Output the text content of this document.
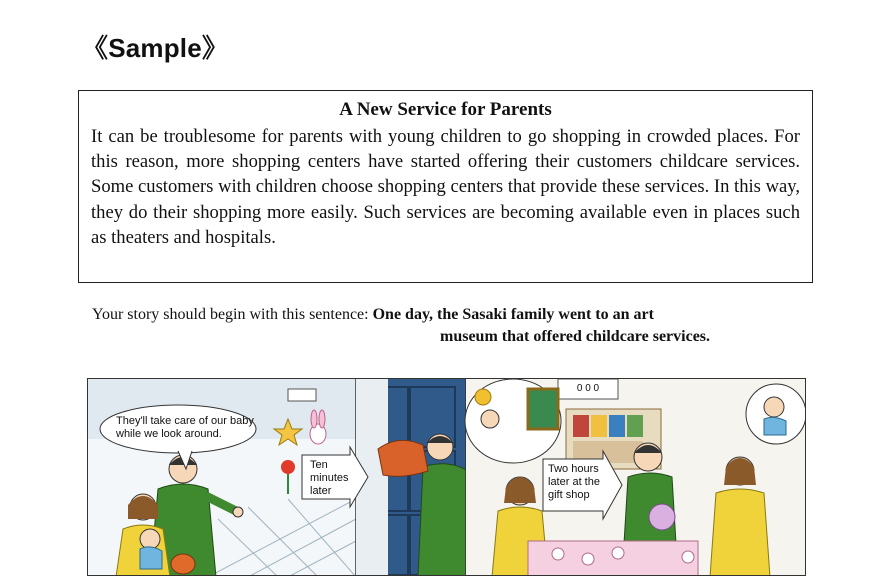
《Sample》
A New Service for Parents
It can be troublesome for parents with young children to go shopping in crowded places. For this reason, more shopping centers have started offering their customers childcare services. Some customers with children choose shopping centers that provide these services. In this way, they do their shopping more easily. Such services are becoming available even in places such as theaters and hospitals.
Your story should begin with this sentence: One day, the Sasaki family went to an art
museum that offered childcare services.
They'll take care of our baby while we look around.
Ten minutes later
Two hours later at the gift shop
0 0 0
